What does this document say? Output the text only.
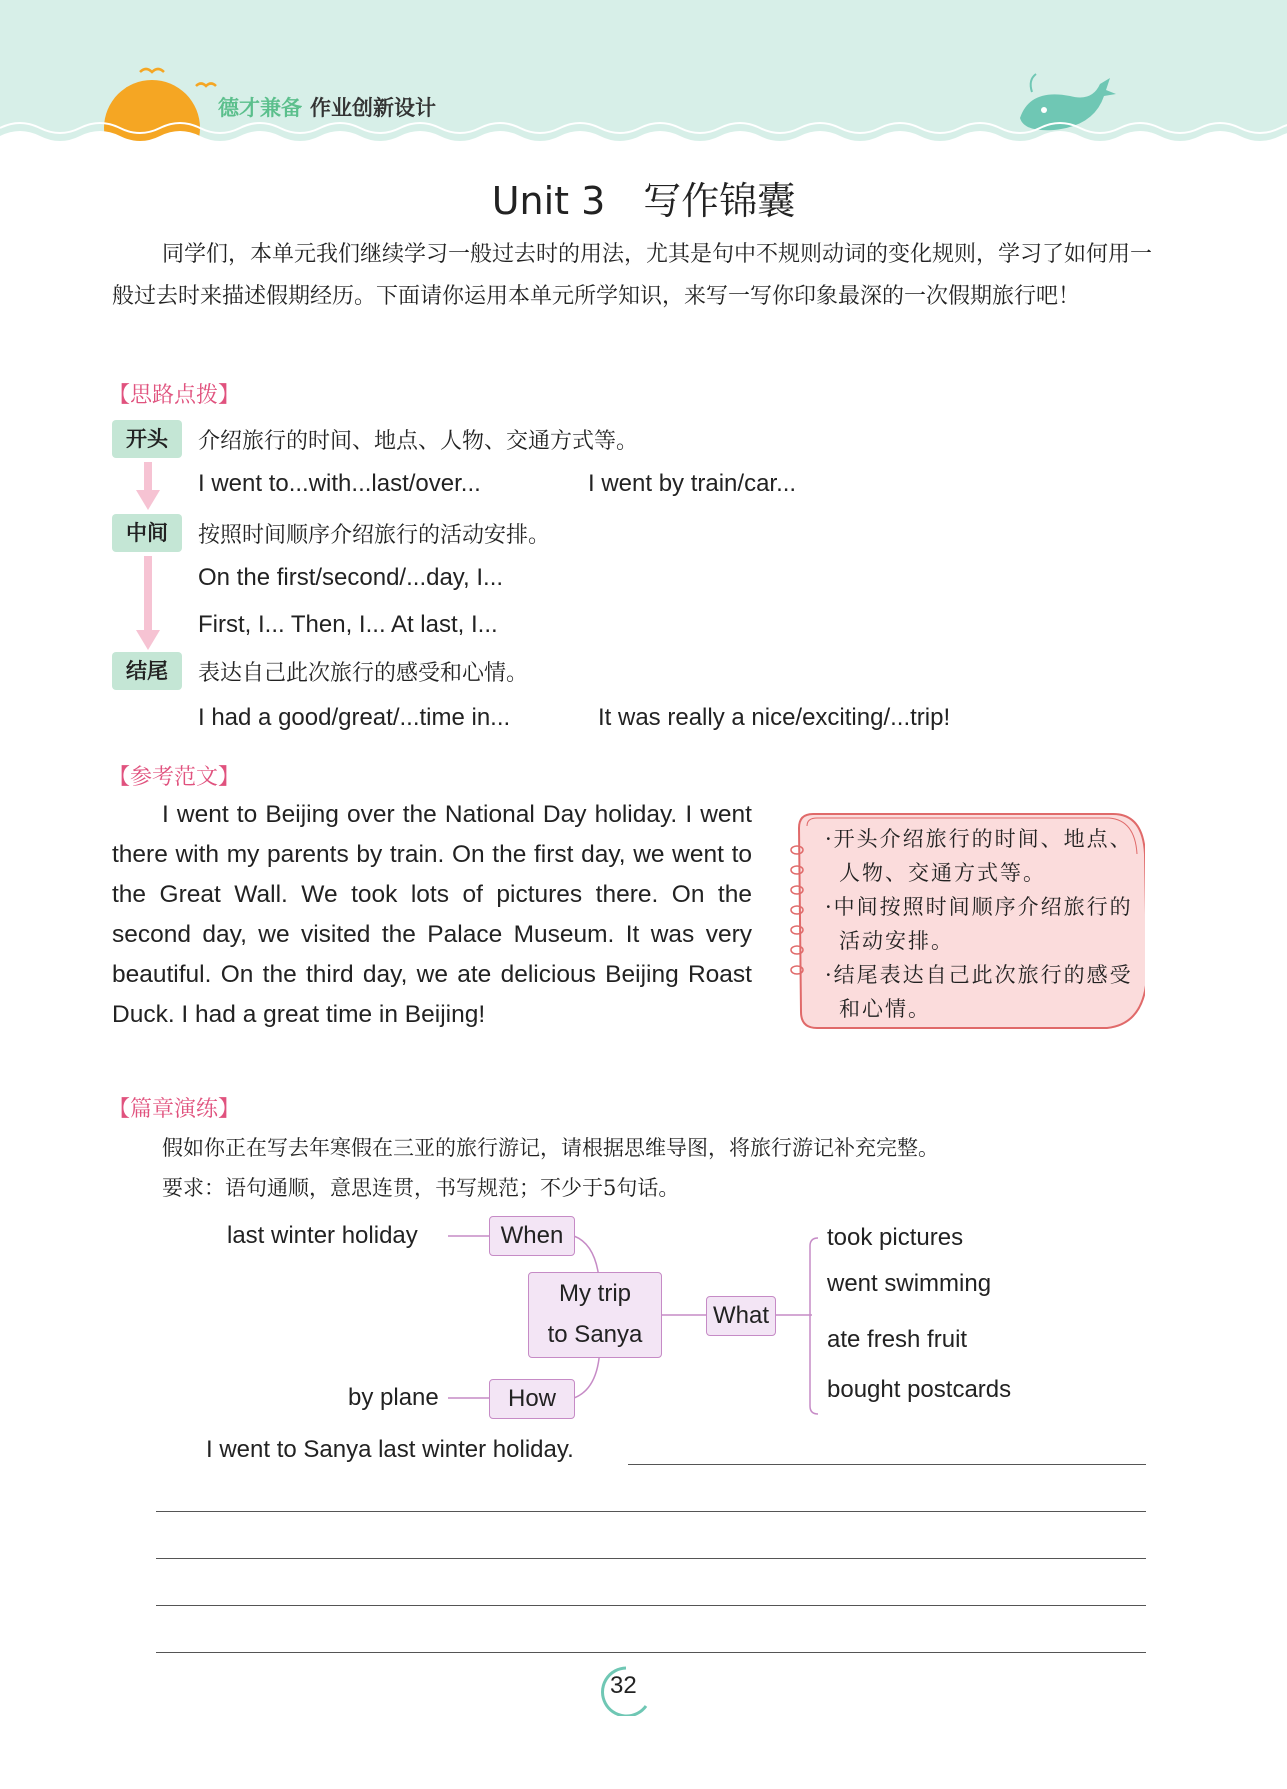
德才兼备 作业创新设计
Unit 3　写作锦囊
同学们，本单元我们继续学习一般过去时的用法，尤其是句中不规则动词的变化规则，学习了如何用一般过去时来描述假期经历。下面请你运用本单元所学知识，来写一写你印象最深的一次假期旅行吧！
【思路点拨】
开头	介绍旅行的时间、地点、人物、交通方式等。
I went to...with...last/over...	I went by train/car...
中间	按照时间顺序介绍旅行的活动安排。
On the first/second/...day, I...
First, I... Then, I... At last, I...
结尾	表达自己此次旅行的感受和心情。
I had a good/great/...time in...	It was really a nice/exciting/...trip!
【参考范文】
I went to Beijing over the National Day holiday. I went there with my parents by train. On the first day, we went to the Great Wall. We took lots of pictures there. On the second day, we visited the Palace Museum. It was very beautiful. On the third day, we ate delicious Beijing Roast Duck. I had a great time in Beijing!

·开头介绍旅行的时间、地点、人物、交通方式等。

·中间按照时间顺序介绍旅行的活动安排。

·结尾表达自己此次旅行的感受和心情。

【篇章演练】
假如你正在写去年寒假在三亚的旅行游记，请根据思维导图，将旅行游记补充完整。
要求：语句通顺，意思连贯，书写规范；不少于5句话。
last winter holiday	When
My trip
to Sanya
What
by plane	How
took pictures
went swimming
ate fresh fruit
bought postcards
I went to Sanya last winter holiday.
32
